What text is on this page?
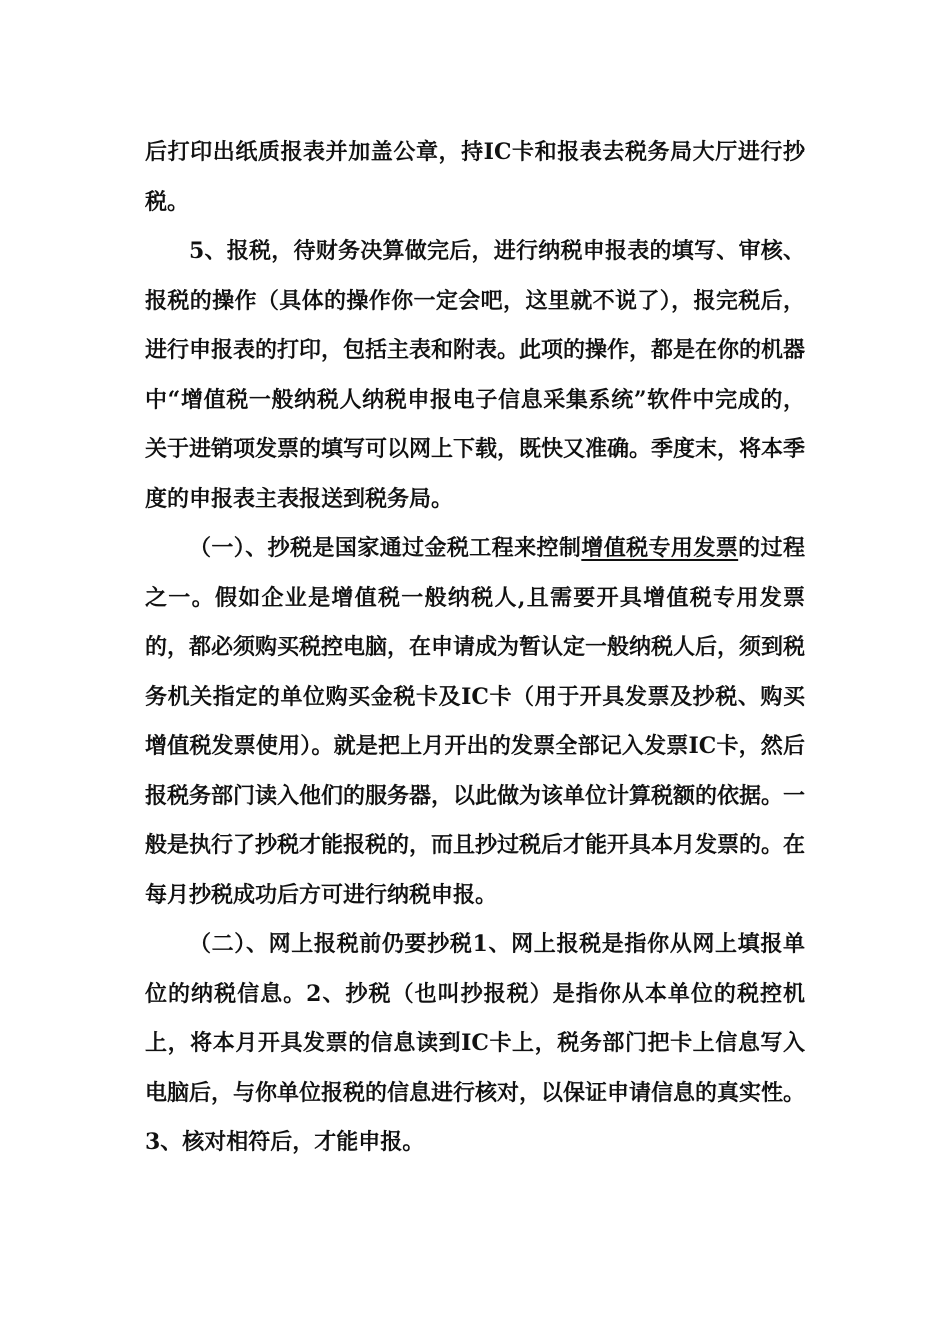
后打印出纸质报表并加盖公章，持IC卡和报表去税务局大厅进行抄税。

5、报税，待财务决算做完后，进行纳税申报表的填写、审核、报税的操作（具体的操作你一定会吧，这里就不说了），报完税后，进行申报表的打印，包括主表和附表。此项的操作，都是在你的机器中“增值税一般纳税人纳税申报电子信息采集系统”软件中完成的，关于进销项发票的填写可以网上下载，既快又准确。季度末，将本季度的申报表主表报送到税务局。

（一）、抄税是国家通过金税工程来控制增值税专用发票的过程之一。假如企业是增值税一般纳税人,且需要开具增值税专用发票的，都必须购买税控电脑，在申请成为暂认定一般纳税人后，须到税务机关指定的单位购买金税卡及IC卡（用于开具发票及抄税、购买增值税发票使用）。就是把上月开出的发票全部记入发票IC卡，然后报税务部门读入他们的服务器，以此做为该单位计算税额的依据。一般是执行了抄税才能报税的，而且抄过税后才能开具本月发票的。在每月抄税成功后方可进行纳税申报。

（二）、网上报税前仍要抄税1、网上报税是指你从网上填报单位的纳税信息。2、抄税（也叫抄报税）是指你从本单位的税控机上，将本月开具发票的信息读到IC卡上，税务部门把卡上信息写入电脑后，与你单位报税的信息进行核对，以保证申请信息的真实性。3、核对相符后，才能申报。
